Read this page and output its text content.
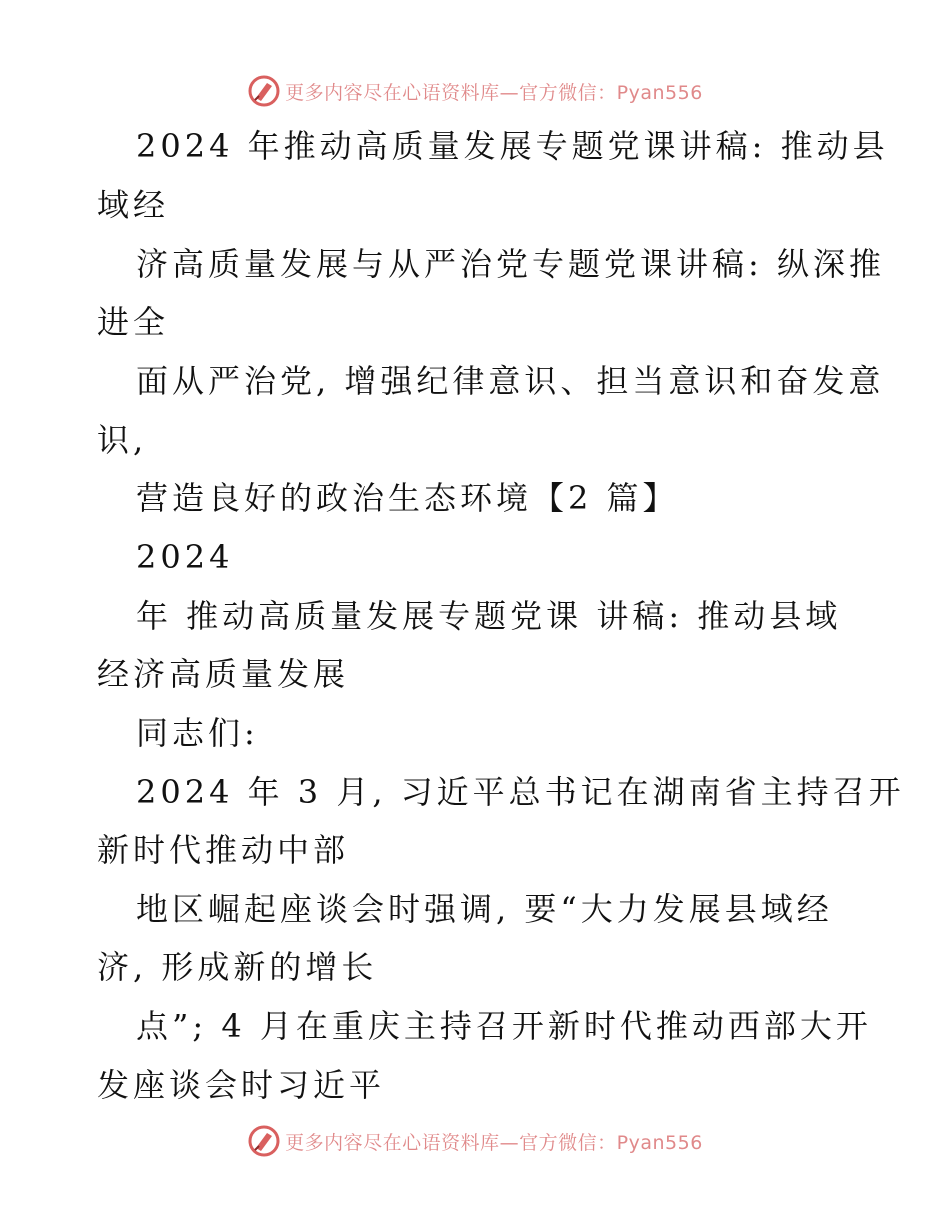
更多内容尽在心语资料库—官方微信：Pyan556
2024 年推动高质量发展专题党课讲稿: 推动县
域经
济高质量发展与从严治党专题党课讲稿: 纵深推
进全
面从严治党, 增强纪律意识、担当意识和奋发意
识,
营造良好的政治生态环境【2 篇】
2024
年 推动高质量发展专题党课 讲稿: 推动县域
经济高质量发展
同志们:
2024 年 3 月, 习近平总书记在湖南省主持召开
新时代推动中部
地区崛起座谈会时强调, 要“大力发展县域经
济, 形成新的增长
点”; 4 月在重庆主持召开新时代推动西部大开
发座谈会时习近平
更多内容尽在心语资料库—官方微信：Pyan556
